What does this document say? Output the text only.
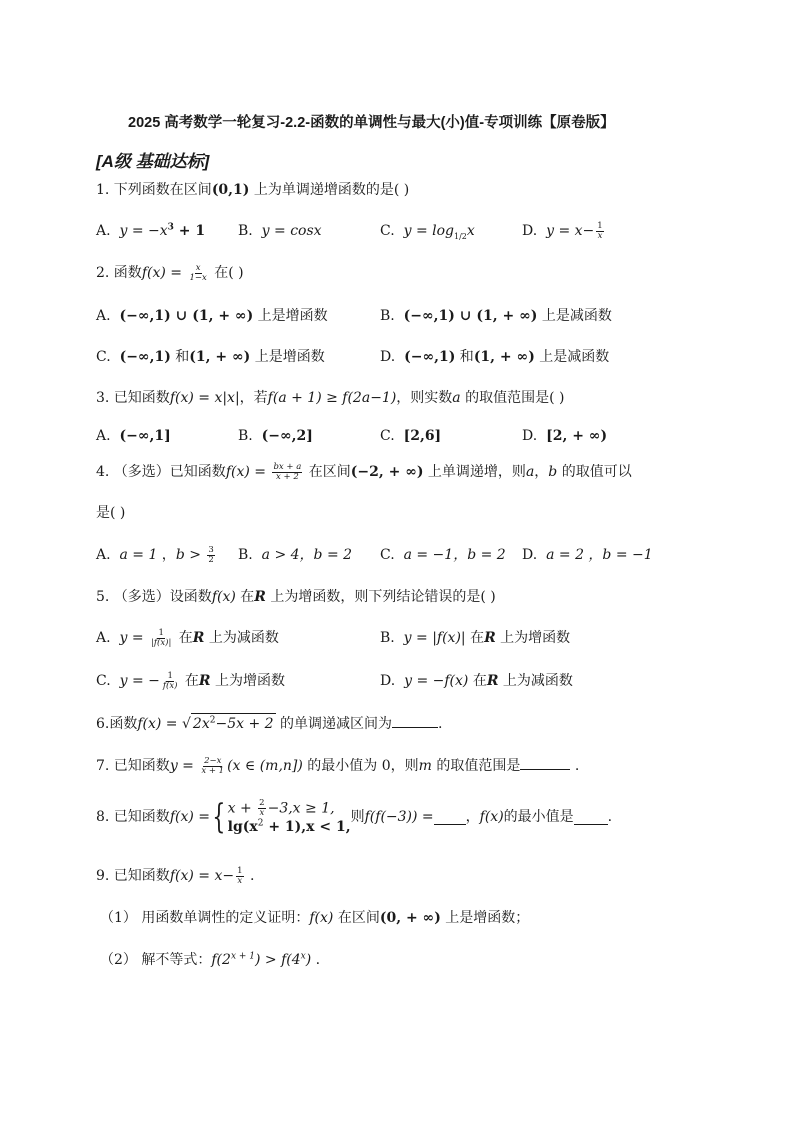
2025 高考数学一轮复习-2.2-函数的单调性与最大(小)值-专项训练【原卷版】
[A级 基础达标]
1. 下列函数在区间(0,1) 上为单调递增函数的是( )
A. $y = -x^3 + 1$ B. y = cosx	C. $y = \log_{1/2}x$	D. $y = x- \frac{1}{x}$
2. 函数$f(x) = \frac{x}{1-x}$ 在( )
A. (−∞,1) ∪ (1, + ∞) 上是增函数	B. (−∞,1) ∪ (1, + ∞) 上是减函数
C. (−∞,1) 和(1, + ∞) 上是增函数	D. (−∞,1) 和(1, + ∞) 上是减函数
3. 已知函数f(x) = x|x|，若f(a + 1) ≥ f(2a−1)，则实数a 的取值范围是( )
A. (−∞,1]	B. (−∞,2]	C. [2,6]	D. [2, + ∞)
4. （多选）已知函数$f(x) = \frac{bx + a}{x + 2}$ 在区间(−2, + ∞) 上单调递增，则a，b 的取值可以
是( )
A. a = 1 ，$b > \frac{3}{2} B$. a > 4，b = 2 C. a = −1，b = 2 D. a = 2 ，b = −1
5. （多选）设函数f(x) 在R 上为增函数，则下列结论错误的是( )
A. $y = \frac{1}{|f(x)|}$ 在R 上为减函数	B. y = |f(x)| 在R 上为增函数
C. y = − $\frac{1}{f(x)}$ 在R 上为增函数	D. y = −f(x) 在R 上为减函数
6.函数f(x) = √ $2x^2-5x + 2$ 的单调递减区间为	.
7. 已知函数$y = \frac{2-x}{x + 1} (x$ ∈ (m,n]) 的最小值为 0，则m 的取值范围是	.
8. 已知函数 f(x) = { $x + \frac{2}{x} -3,x \ge 1$,
$\lg(x^2 + 1),x < 1$,
则 f(f(−3)) = ， f(x) 的最小值是 .
9. 已知函数$f(x) = x- \frac{1}{x}$ .
（1） 用函数单调性的定义证明：f(x) 在区间(0, + ∞) 上是增函数；
（2） 解不等式：$f(2^{x + 1}) > f(4^x)$ .
